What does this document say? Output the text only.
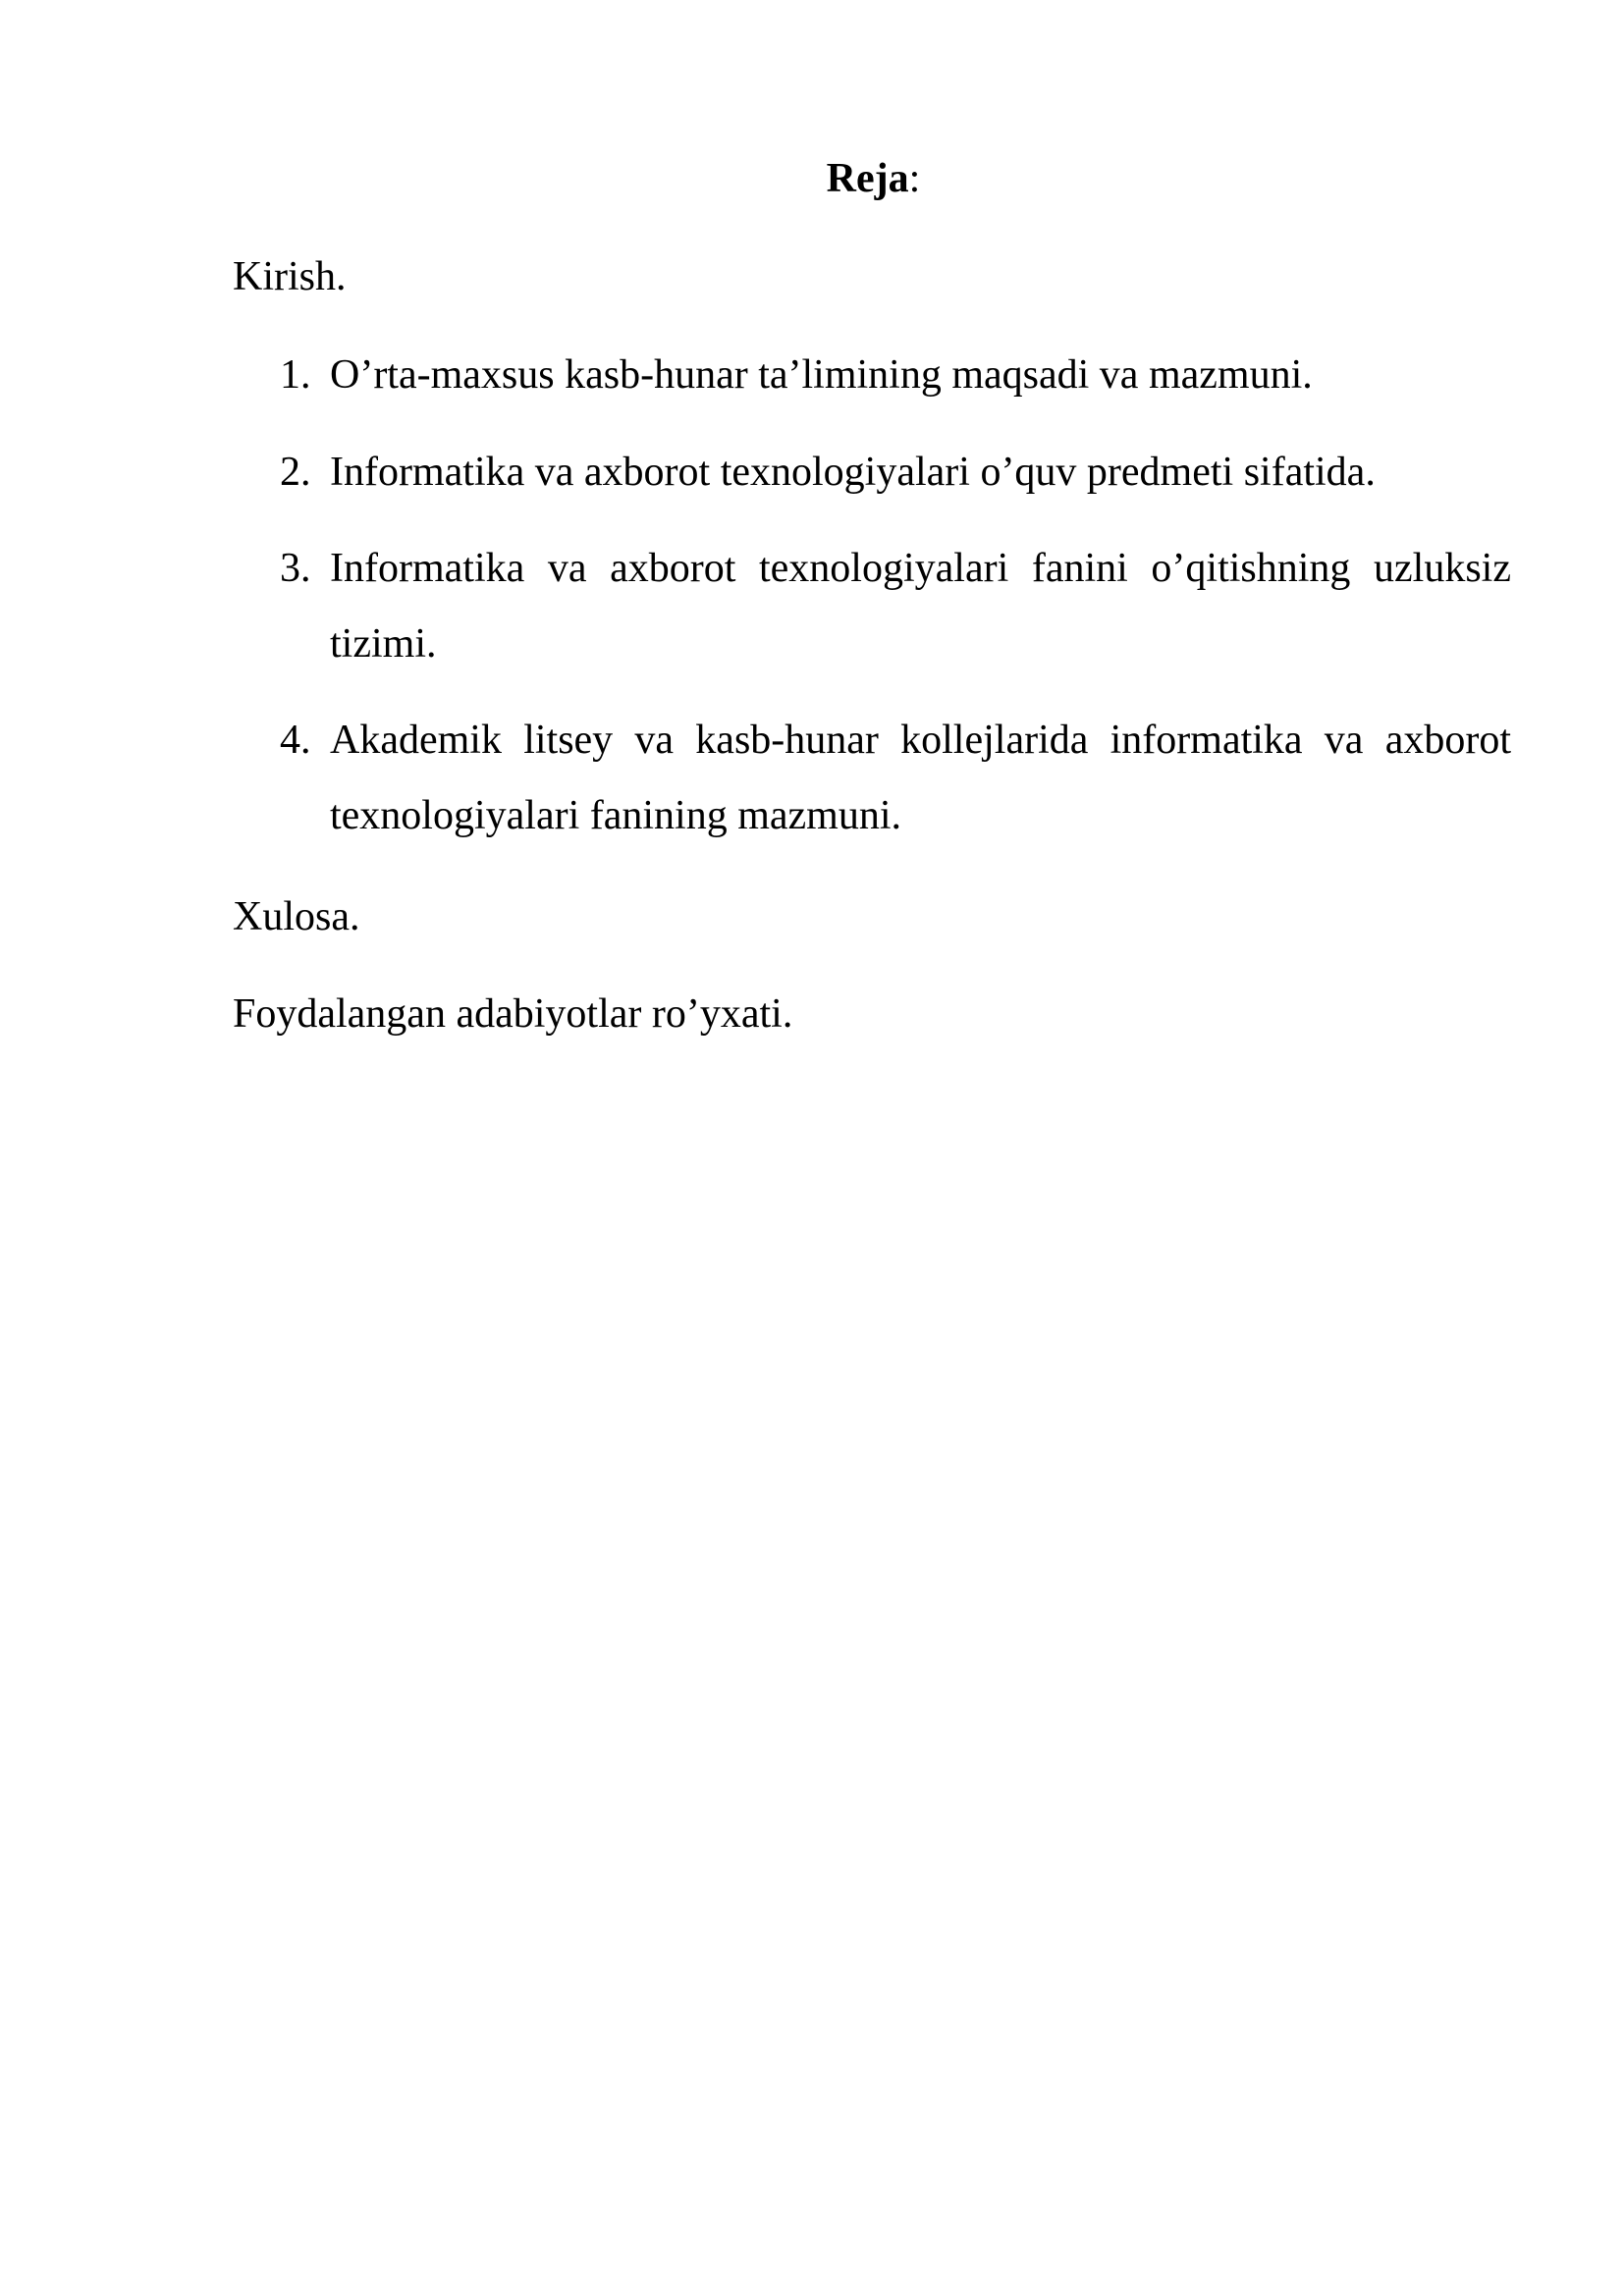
Reja:
Kirish.
1. O’rta-maxsus kasb-hunar ta’limining maqsadi va mazmuni.
2. Informatika va axborot texnologiyalari o’quv predmeti sifatida.
3. Informatika va axborot texnologiyalari fanini o’qitishning uzluksiz tizimi.
4. Akademik litsey va kasb-hunar kollejlarida informatika va axborot texnologiyalari fanining mazmuni.
Xulosa.
Foydalangan adabiyotlar ro’yxati.
